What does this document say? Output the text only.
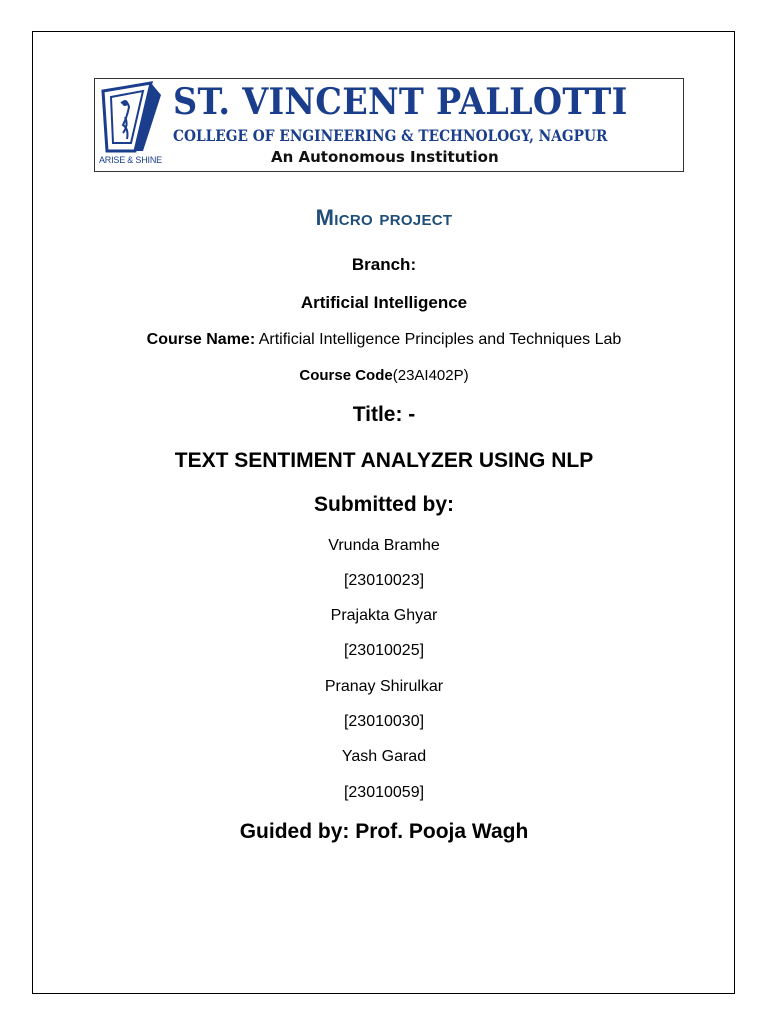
ARISE & SHINE
ST. VINCENT PALLOTTI
COLLEGE OF ENGINEERING & TECHNOLOGY, NAGPUR
An Autonomous Institution
Micro project
Branch:
Artificial Intelligence
Course Name: Artificial Intelligence Principles and Techniques Lab
Course Code(23AI402P)
Title: -
TEXT SENTIMENT ANALYZER USING NLP
Submitted by:
Vrunda Bramhe
[23010023]
Prajakta Ghyar
[23010025]
Pranay Shirulkar
[23010030]
Yash Garad
[23010059]
Guided by: Prof. Pooja Wagh
